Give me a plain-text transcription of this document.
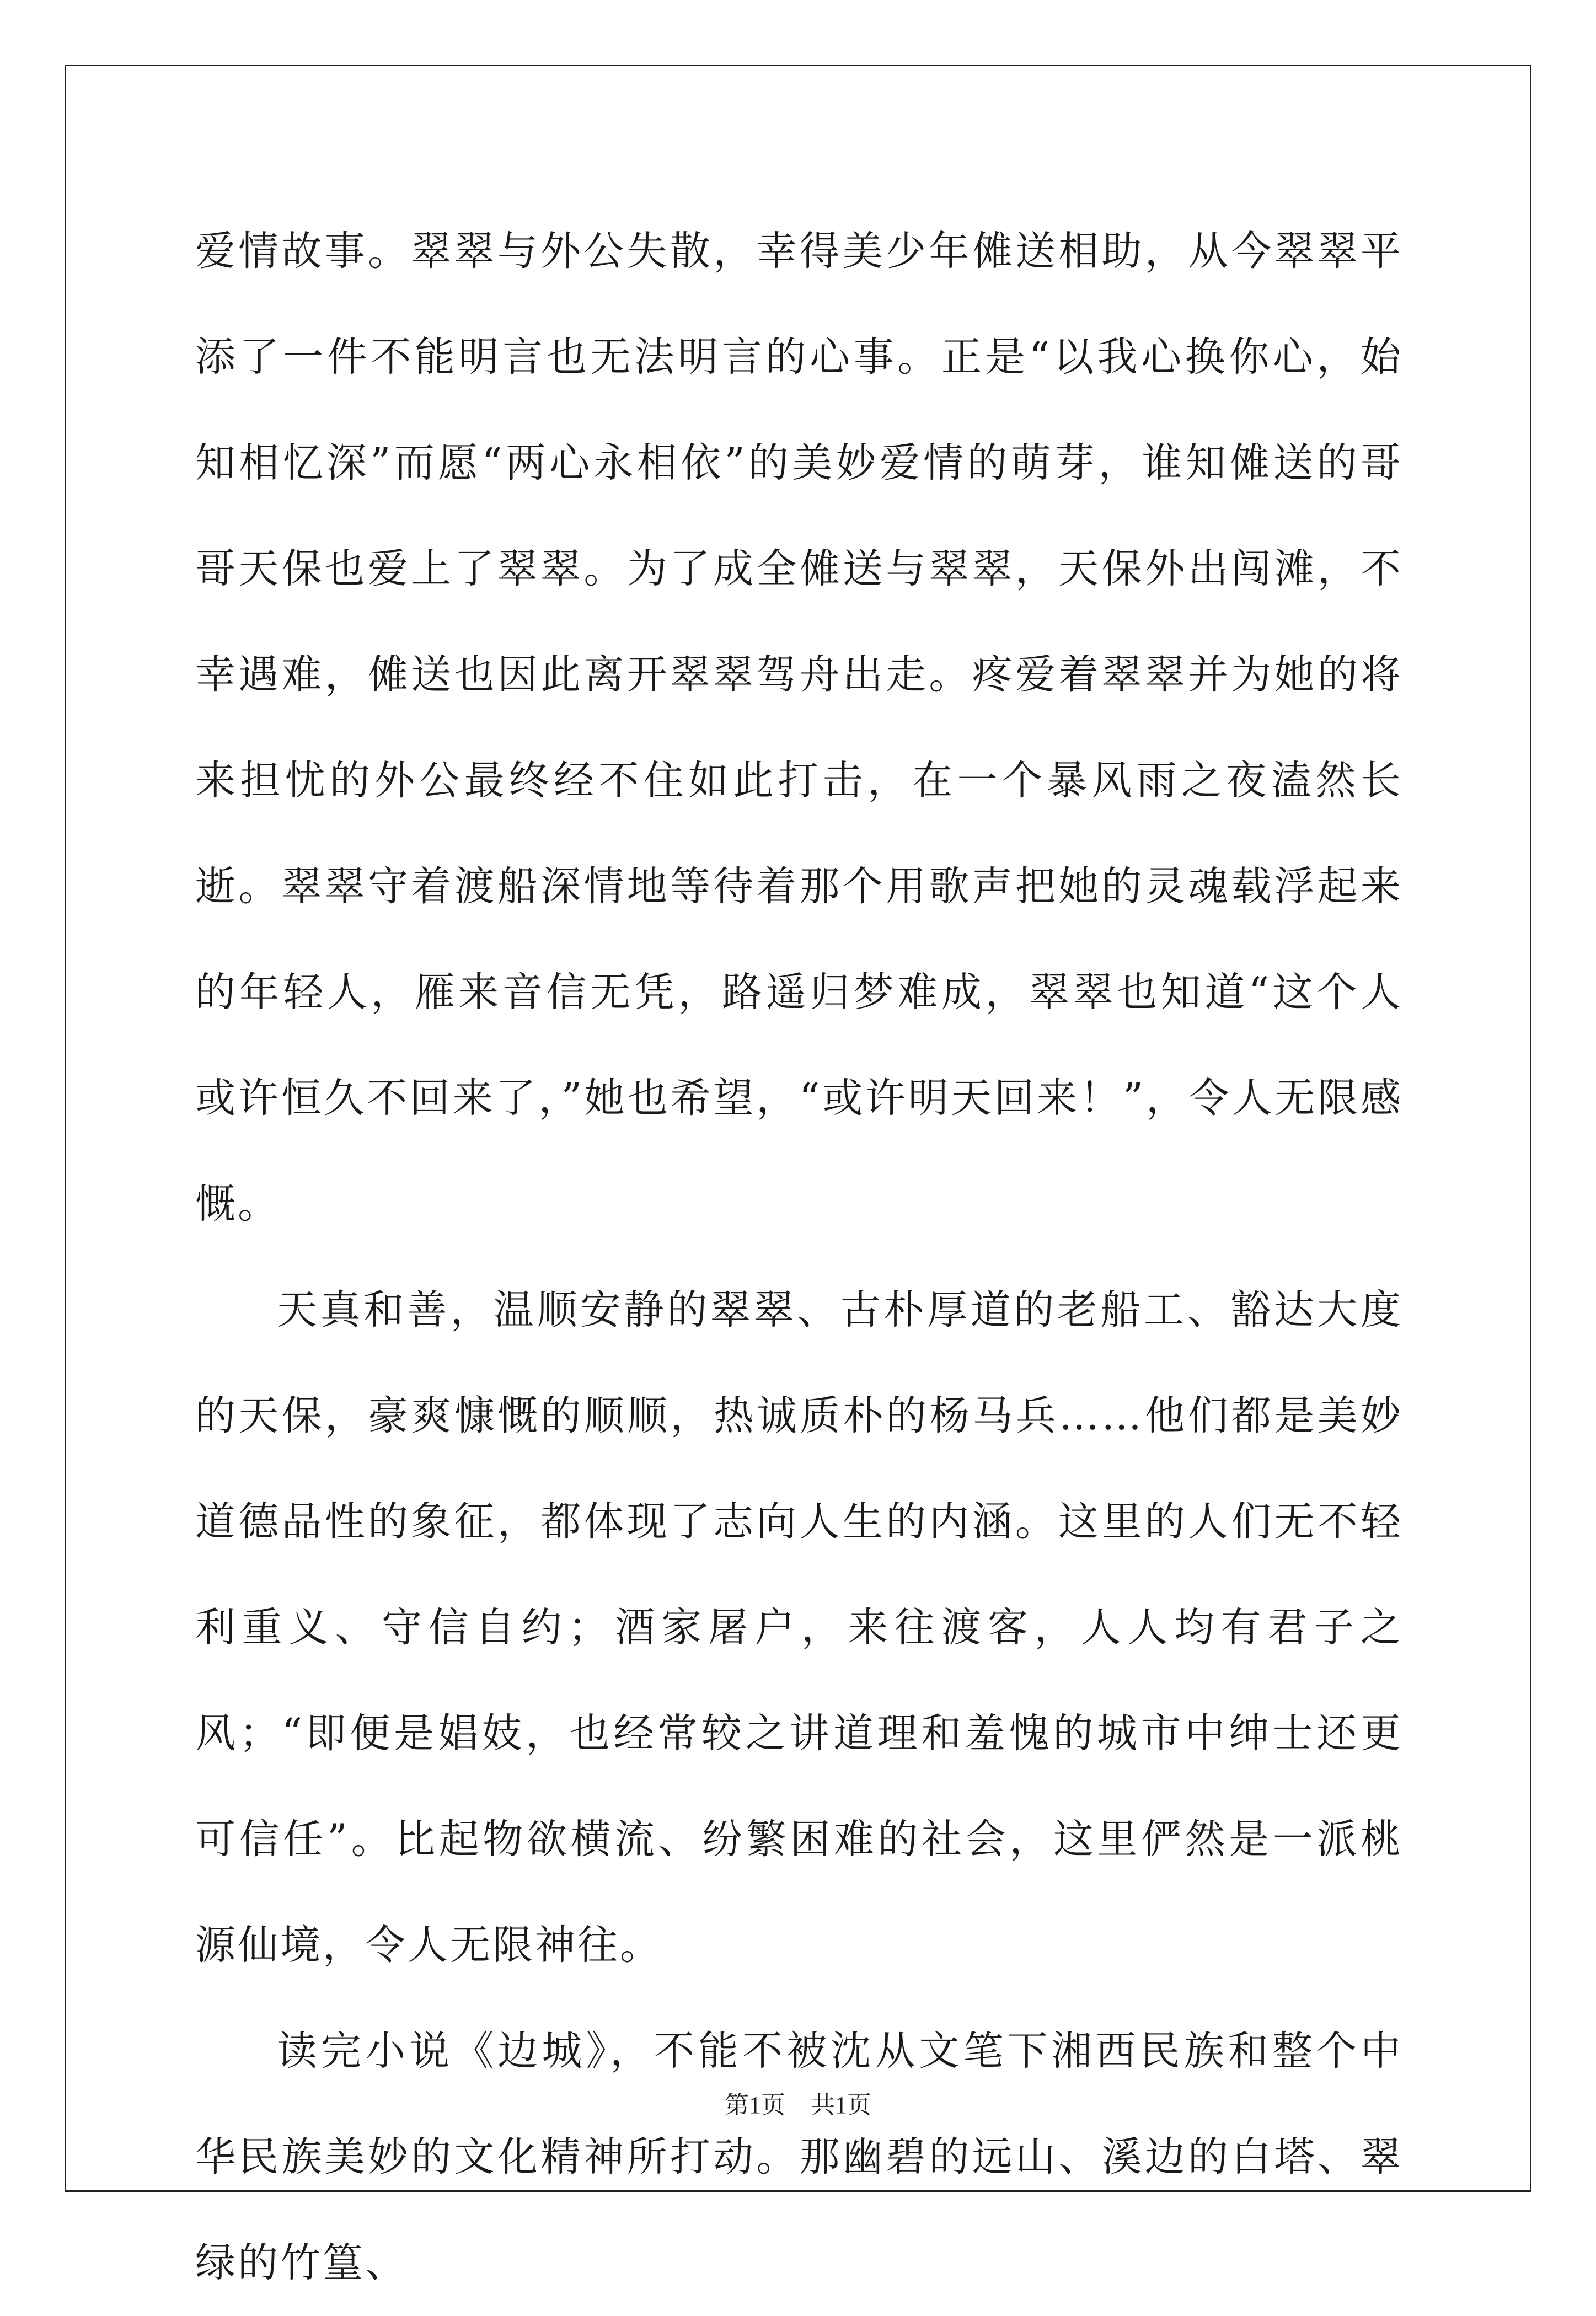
爱情故事。翠翠与外公失散，幸得美少年傩送相助，从今翠翠平添了一件不能明言也无法明言的心事。正是“以我心换你心，始知相忆深”而愿“两心永相依”的美妙爱情的萌芽，谁知傩送的哥哥天保也爱上了翠翠。为了成全傩送与翠翠，天保外出闯滩，不幸遇难，傩送也因此离开翠翠驾舟出走。疼爱着翠翠并为她的将来担忧的外公最终经不住如此打击，在一个暴风雨之夜溘然长逝。翠翠守着渡船深情地等待着那个用歌声把她的灵魂载浮起来的年轻人，雁来音信无凭，路遥归梦难成，翠翠也知道“这个人或许恒久不回来了，”她也希望，“或许明天回来！”，令人无限感慨。

天真和善，温顺安静的翠翠、古朴厚道的老船工、豁达大度的天保，豪爽慷慨的顺顺，热诚质朴的杨马兵……他们都是美妙道德品性的象征，都体现了志向人生的内涵。这里的人们无不轻利重义、守信自约；酒家屠户，来往渡客，人人均有君子之风；“即便是娼妓，也经常较之讲道理和羞愧的城市中绅士还更可信任”。比起物欲横流、纷繁困难的社会，这里俨然是一派桃源仙境，令人无限神往。

读完小说《边城》，不能不被沈从文笔下湘西民族和整个中华民族美妙的文化精神所打动。那幽碧的远山、溪边的白塔、翠绿的竹篁、

第1页 共1页
